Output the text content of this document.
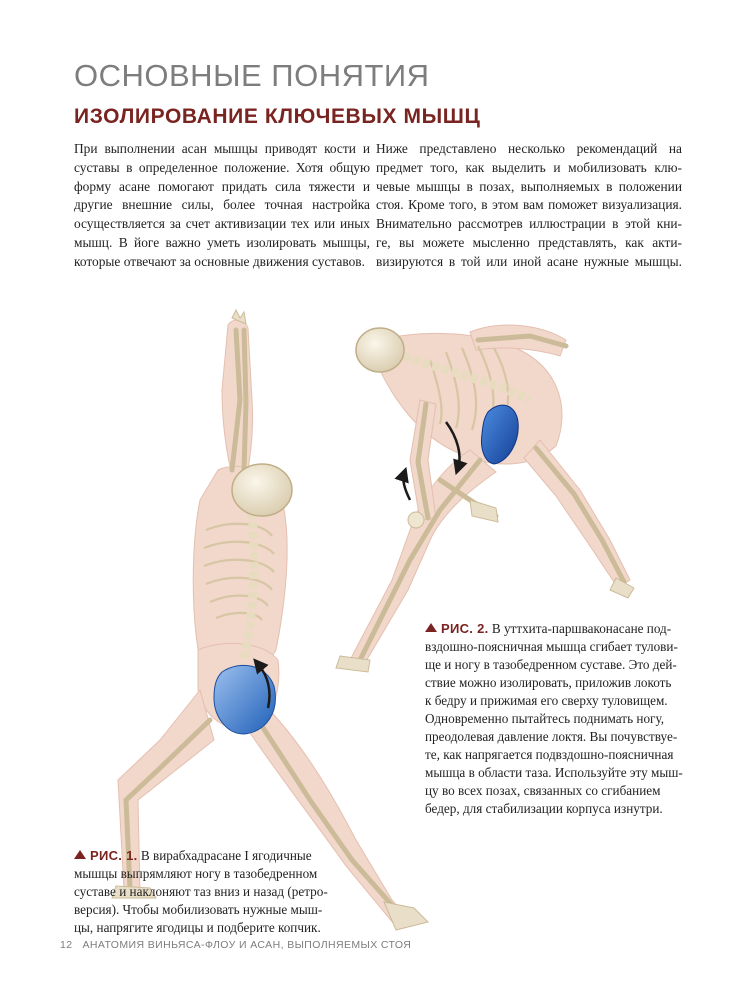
ОСНОВНЫЕ ПОНЯТИЯ
ИЗОЛИРОВАНИЕ КЛЮЧЕВЫХ МЫШЦ

При выполнении асан мышцы приводят кости и
суставы в определенное положение. Хотя общую
форму асане помогают придать сила тяжести и
другие внешние силы, более точная настройка
осуществляется за счет активизации тех или иных
мышц. В йоге важно уметь изолировать мышцы,
которые отвечают за основные движения суставов.

Ниже представлено несколько рекомендаций на
предмет того, как выделить и мобилизовать клю-
чевые мышцы в позах, выполняемых в положении
стоя. Кроме того, в этом вам поможет визуализация.
Внимательно рассмотрев иллюстрации в этой кни-
ге, вы можете мысленно представлять, как акти-
визируются в той или иной асане нужные мышцы.

РИС. 2. В уттхита-паршваконасане под-
вздошно-поясничная мышца сгибает тулови-
ще и ногу в тазобедренном суставе. Это дей-
ствие можно изолировать, приложив локоть
к бедру и прижимая его сверху туловищем.
Одновременно пытайтесь поднимать ногу,
преодолевая давление локтя. Вы почувствуе-
те, как напрягается подвздошно-поясничная
мышца в области таза. Используйте эту мыш-
цу во всех позах, связанных со сгибанием
бедер, для стабилизации корпуса изнутри.

РИС. 1. В вирабхадрасане I ягодичные
мышцы выпрямляют ногу в тазобедренном
суставе и наклоняют таз вниз и назад (ретро-
версия). Чтобы мобилизовать нужные мыш-
цы, напрягите ягодицы и подберите копчик.

12 АНАТОМИЯ ВИНЬЯСА-ФЛОУ И АСАН, ВЫПОЛНЯЕМЫХ СТОЯ
